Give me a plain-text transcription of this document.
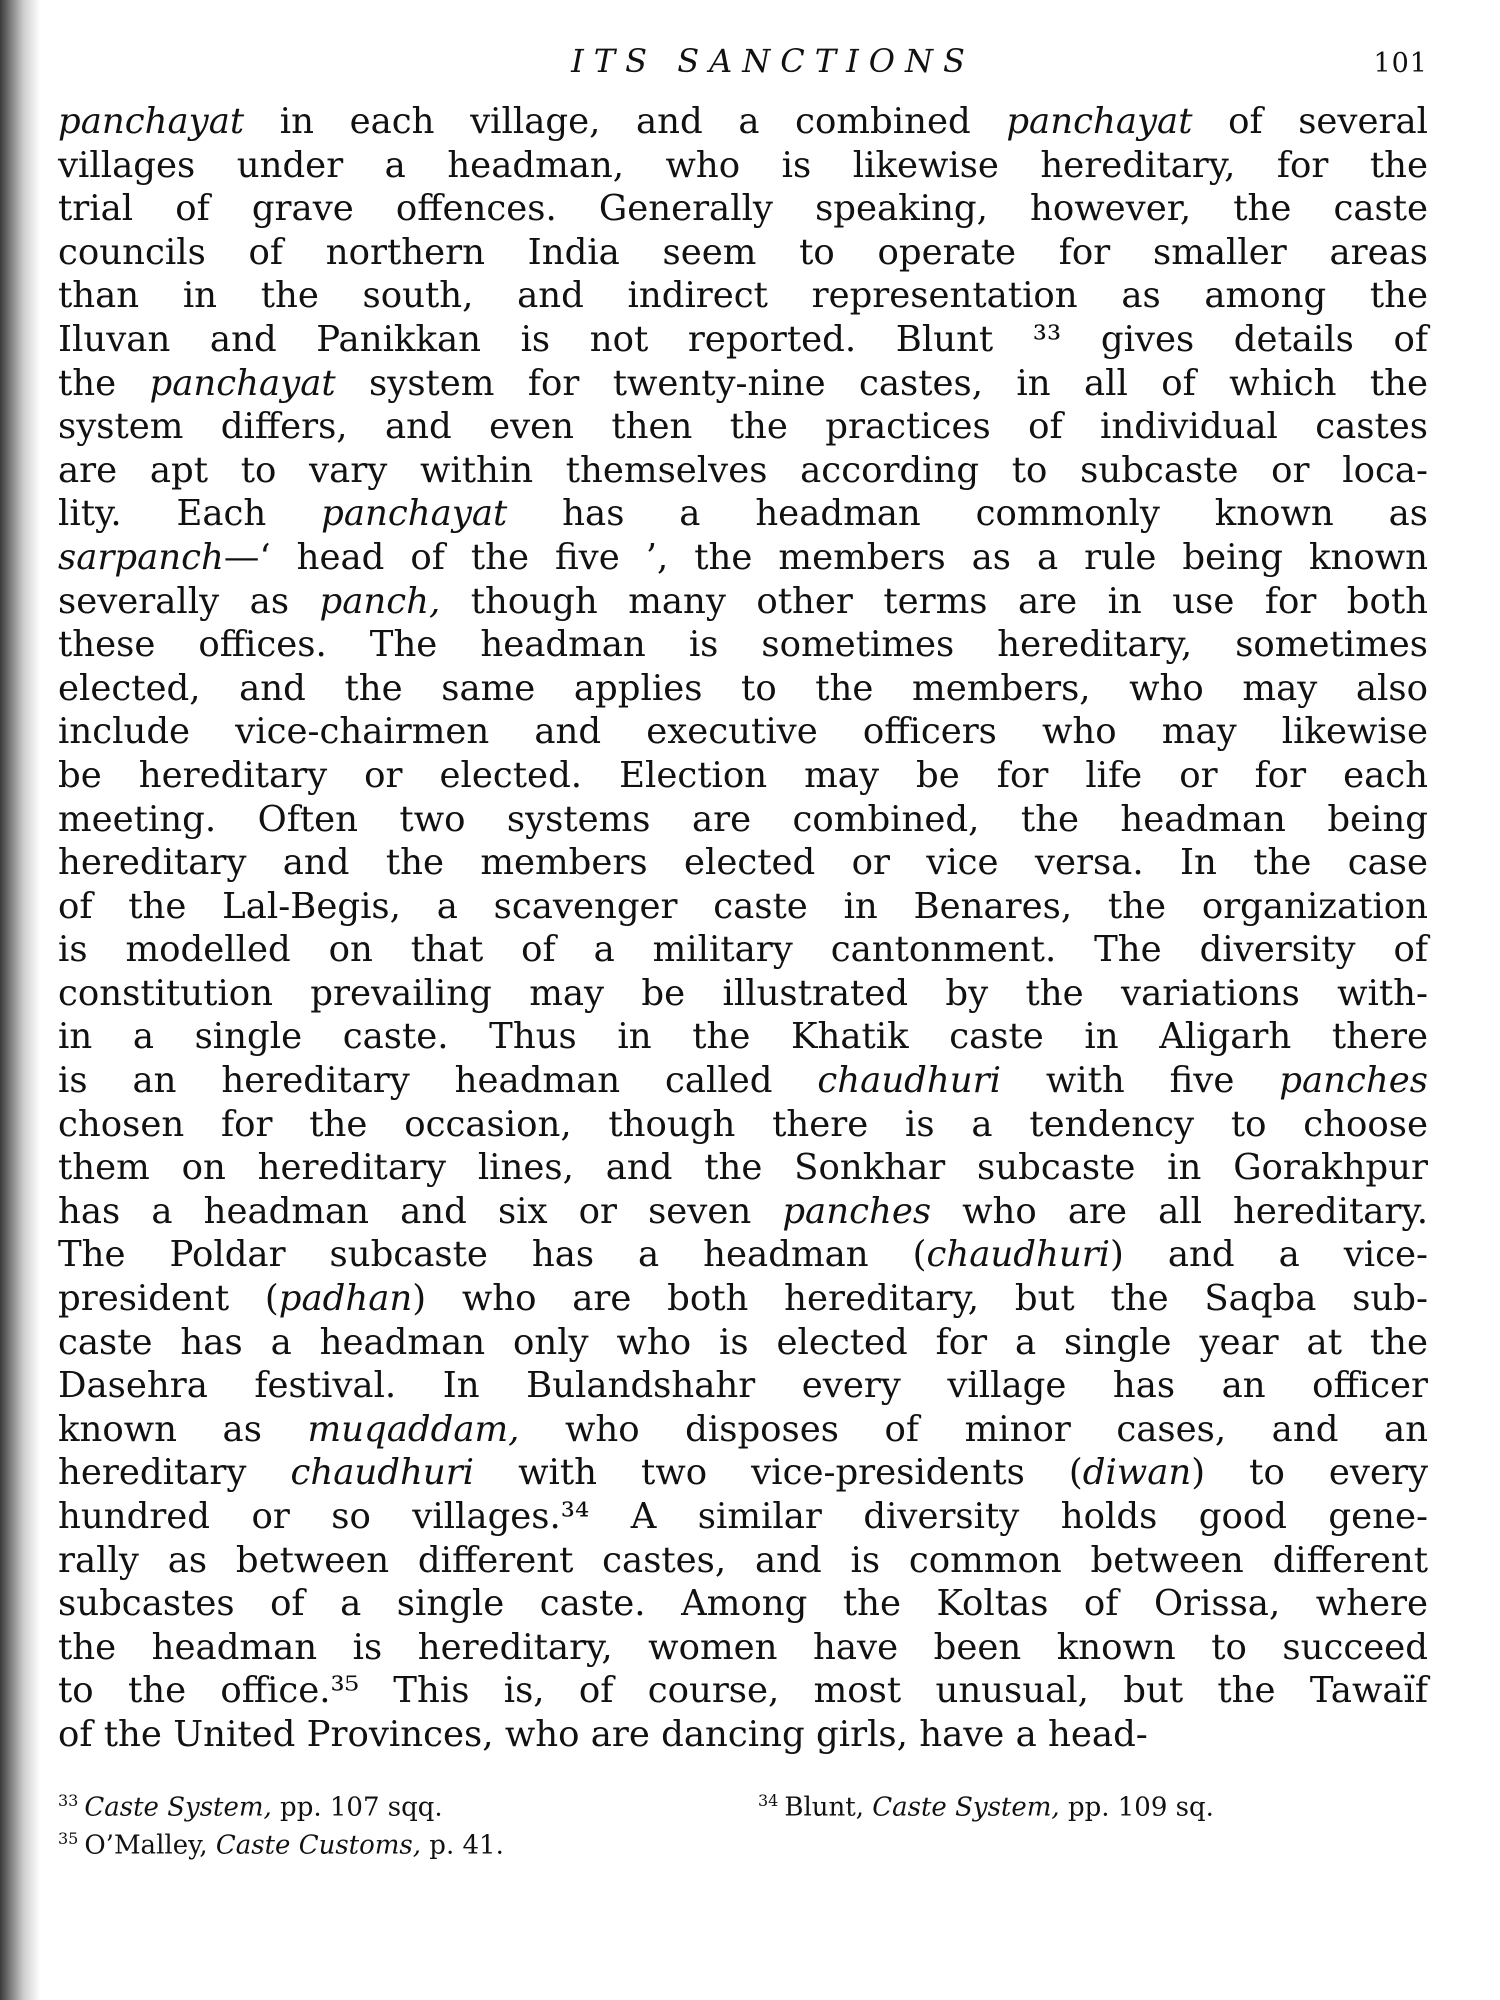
ITS SANCTIONS	101
panchayat in each village, and a combined panchayat of several
villages under a headman, who is likewise hereditary, for the
trial of grave offences. Generally speaking, however, the caste
councils of northern India seem to operate for smaller areas
than in the south, and indirect representation as among the
Iluvan and Panikkan is not reported. Blunt ³³ gives details of
the panchayat system for twenty-nine castes, in all of which the
system differs, and even then the practices of individual castes
are apt to vary within themselves according to subcaste or loca-
lity. Each panchayat has a headman commonly known as
sarpanch—‘ head of the five ’, the members as a rule being known
severally as panch, though many other terms are in use for both
these offices. The headman is sometimes hereditary, sometimes
elected, and the same applies to the members, who may also
include vice-chairmen and executive officers who may likewise
be hereditary or elected. Election may be for life or for each
meeting. Often two systems are combined, the headman being
hereditary and the members elected or vice versa. In the case
of the Lal-Begis, a scavenger caste in Benares, the organization
is modelled on that of a military cantonment. The diversity of
constitution prevailing may be illustrated by the variations with-
in a single caste. Thus in the Khatik caste in Aligarh there
is an hereditary headman called chaudhuri with five panches
chosen for the occasion, though there is a tendency to choose
them on hereditary lines, and the Sonkhar subcaste in Gorakhpur
has a headman and six or seven panches who are all hereditary.
The Poldar subcaste has a headman (chaudhuri) and a vice-
president (padhan) who are both hereditary, but the Saqba sub-
caste has a headman only who is elected for a single year at the
Dasehra festival. In Bulandshahr every village has an officer
known as muqaddam, who disposes of minor cases, and an
hereditary chaudhuri with two vice-presidents (diwan) to every
hundred or so villages.³⁴ A similar diversity holds good gene-
rally as between different castes, and is common between different
subcastes of a single caste. Among the Koltas of Orissa, where
the headman is hereditary, women have been known to succeed
to the office.³⁵ This is, of course, most unusual, but the Tawaïf
of the United Provinces, who are dancing girls, have a head-
$^{33}$ Caste System, pp. 107 sqq.	$^{34}$ Blunt, Caste System, pp. 109 sq.
$^{35}$ O’Malley, Caste Customs, p. 41.
